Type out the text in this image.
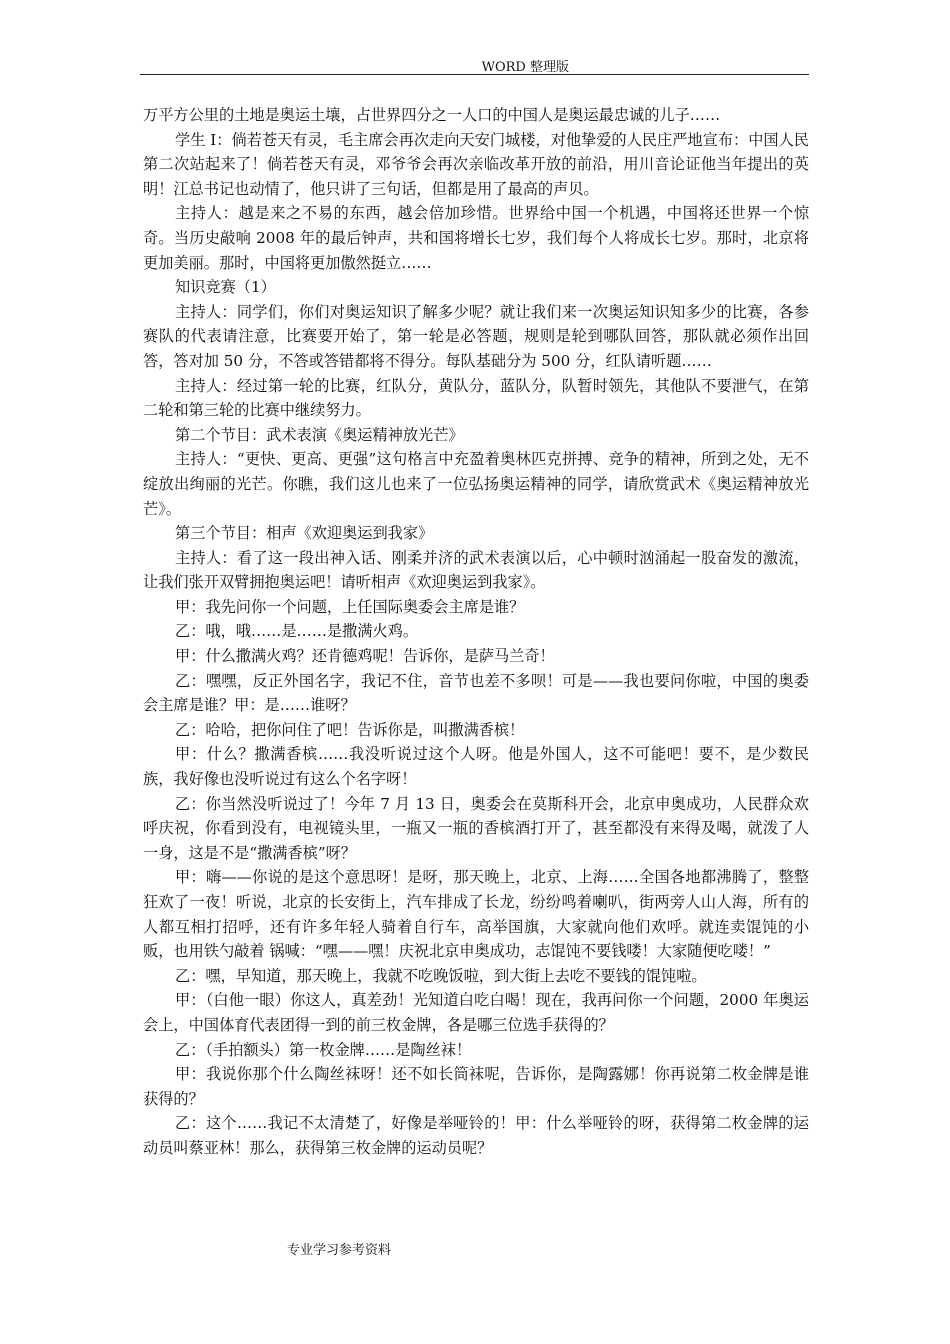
WORD 整理版

万平方公里的土地是奥运土壤，占世界四分之一人口的中国人是奥运最忠诚的儿子……

学生 I：倘若苍天有灵，毛主席会再次走向天安门城楼，对他挚爱的人民庄严地宣布：中国人民第二次站起来了！倘若苍天有灵，邓爷爷会再次亲临改革开放的前沿，用川音论证他当年提出的英明！江总书记也动情了，他只讲了三句话，但都是用了最高的声贝。

主持人：越是来之不易的东西，越会倍加珍惜。世界给中国一个机遇，中国将还世界一个惊奇。当历史敲响 2008 年的最后钟声，共和国将增长七岁，我们每个人将成长七岁。那时，北京将更加美丽。那时，中国将更加傲然挺立……

知识竞赛（1）

主持人：同学们，你们对奥运知识了解多少呢？就让我们来一次奥运知识知多少的比赛，各参赛队的代表请注意，比赛要开始了，第一轮是必答题，规则是轮到哪队回答，那队就必须作出回答，答对加 50 分，不答或答错都将不得分。每队基础分为 500 分，红队请听题……

主持人：经过第一轮的比赛，红队分，黄队分，蓝队分，队暂时领先，其他队不要泄气，在第二轮和第三轮的比赛中继续努力。

第二个节目：武术表演《奥运精神放光芒》

主持人：“更快、更高、更强”这句格言中充盈着奥林匹克拼搏、竞争的精神，所到之处，无不绽放出绚丽的光芒。你瞧，我们这儿也来了一位弘扬奥运精神的同学，请欣赏武术《奥运精神放光芒》。

第三个节目：相声《欢迎奥运到我家》

主持人：看了这一段出神入话、刚柔并济的武术表演以后，心中顿时汹涌起一股奋发的激流，让我们张开双臂拥抱奥运吧！请听相声《欢迎奥运到我家》。

甲：我先问你一个问题，上任国际奥委会主席是谁？

乙：哦，哦……是……是撒满火鸡。

甲：什么撒满火鸡？还肯德鸡呢！告诉你，是萨马兰奇！

乙：嘿嘿，反正外国名字，我记不住，音节也差不多呗！可是——我也要问你啦，中国的奥委会主席是谁？甲：是……谁呀？

乙：哈哈，把你问住了吧！告诉你是，叫撒满香槟！

甲：什么？撒满香槟……我没听说过这个人呀。他是外国人，这不可能吧！要不，是少数民族，我好像也没听说过有这么个名字呀！

乙：你当然没听说过了！今年 7 月 13 日，奥委会在莫斯科开会，北京申奥成功，人民群众欢呼庆祝，你看到没有，电视镜头里，一瓶又一瓶的香槟酒打开了，甚至都没有来得及喝，就泼了人一身，这是不是“撒满香槟”呀？

甲：嗨——你说的是这个意思呀！是呀，那天晚上，北京、上海……全国各地都沸腾了，整整狂欢了一夜！听说，北京的长安街上，汽车排成了长龙，纷纷鸣着喇叭，街两旁人山人海，所有的人都互相打招呼，还有许多年轻人骑着自行车，高举国旗，大家就向他们欢呼。就连卖馄饨的小贩，也用铁勺敲着 锅喊：“嘿——嘿！庆祝北京申奥成功，志馄饨不要钱喽！大家随便吃喽！”

乙：嘿，早知道，那天晚上，我就不吃晚饭啦，到大街上去吃不要钱的馄饨啦。

甲：（白他一眼）你这人，真差劲！光知道白吃白喝！现在，我再问你一个问题，2000 年奥运会上，中国体育代表团得一到的前三枚金牌，各是哪三位选手获得的？

乙：（手拍额头）第一枚金牌……是陶丝袜！

甲：我说你那个什么陶丝袜呀！还不如长筒袜呢，告诉你，是陶露娜！你再说第二枚金牌是谁获得的？

乙：这个……我记不太清楚了，好像是举哑铃的！甲：什么举哑铃的呀，获得第二枚金牌的运动员叫蔡亚林！那么，获得第三枚金牌的运动员呢？

专业学习参考资料
